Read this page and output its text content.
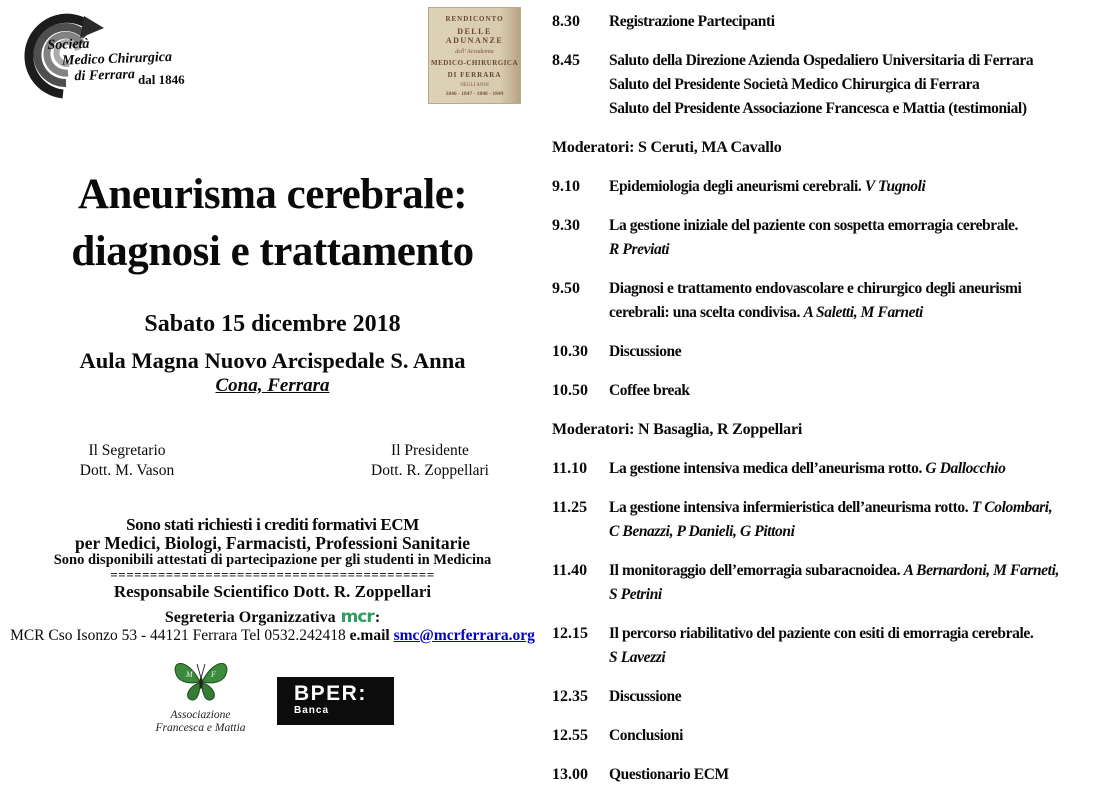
Società
Medico Chirurgica
di Ferrara dal 1846
RENDICONTO
DELLE ADUNANZE
dell’ Accademia
MEDICO-CHIRURGICA
DI FERRARA
NEGLI ANNI
1846 - 1847 - 1848 - 1849
Aneurisma cerebrale:
diagnosi e trattamento
Sabato 15 dicembre 2018
Aula Magna Nuovo Arcispedale S. Anna
Cona, Ferrara
Il Segretario
Dott. M. Vason
Il Presidente
Dott. R. Zoppellari
Sono stati richiesti i crediti formativi ECM
per Medici, Biologi, Farmacisti, Professioni Sanitarie
Sono disponibili attestati di partecipazione per gli studenti in Medicina
=========================================
Responsabile Scientifico Dott. R. Zoppellari
Segreteria Organizzativa mcr:
MCR Cso Isonzo 53 - 44121 Ferrara Tel 0532.242418 e.mail smc@mcrferrara.org
M F
Associazione
Francesca e Mattia
BPER:
Banca
8.30	Registrazione Partecipanti
8.45	Saluto della Direzione Azienda Ospedaliero Universitaria di Ferrara
Saluto del Presidente Società Medico Chirurgica di Ferrara
Saluto del Presidente Associazione Francesca e Mattia (testimonial)
Moderatori: S Ceruti, MA Cavallo
9.10	Epidemiologia degli aneurismi cerebrali. V Tugnoli
9.30	La gestione iniziale del paziente con sospetta emorragia cerebrale.
R Previati
9.50	Diagnosi e trattamento endovascolare e chirurgico degli aneurismi
cerebrali: una scelta condivisa. A Saletti, M Farneti
10.30	Discussione
10.50	Coffee break
Moderatori: N Basaglia, R Zoppellari
11.10	La gestione intensiva medica dell’aneurisma rotto. G Dallocchio
11.25	La gestione intensiva infermieristica dell’aneurisma rotto. T Colombari,
C Benazzi, P Danieli, G Pittoni
11.40	Il monitoraggio dell’emorragia subaracnoidea. A Bernardoni, M Farneti,
S Petrini
12.15	Il percorso riabilitativo del paziente con esiti di emorragia cerebrale.
S Lavezzi
12.35	Discussione
12.55	Conclusioni
13.00	Questionario ECM
